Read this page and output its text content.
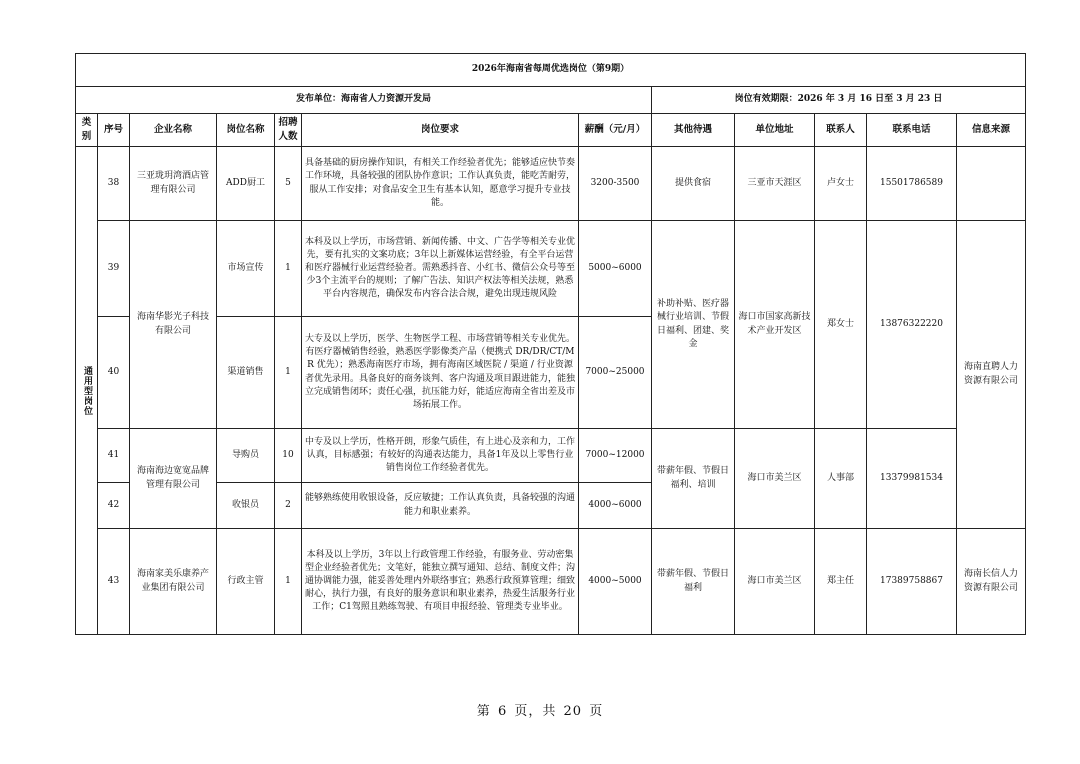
2026年海南省每周优选岗位（第9期）											
发布单位：海南省人力资源开发局							岗位有效期限：2026 年 3 月 16 日至 3 月 23 日				
类别	序号	企业名称	岗位名称	招聘人数	岗位要求	薪酬（元/月）	其他待遇	单位地址	联系人	联系电话	信息来源
通用型岗位	38	三亚珑玥湾酒店管理有限公司	ADD厨工	5	具备基础的厨房操作知识，有相关工作经验者优先；能够适应快节奏工作环境，具备较强的团队协作意识；工作认真负责，能吃苦耐劳，服从工作安排；对食品安全卫生有基本认知，愿意学习提升专业技能。	3200-3500	提供食宿	三亚市天涯区	卢女士	15501786589	
	39	海南华影光子科技有限公司	市场宣传	1	本科及以上学历，市场营销、新闻传播、中文、广告学等相关专业优先，要有扎实的文案功底；3年以上新媒体运营经验，有全平台运营和医疗器械行业运营经验者。需熟悉抖音、小红书、微信公众号等至少3个主流平台的规则；了解广告法、知识产权法等相关法规，熟悉平台内容规范，确保发布内容合法合规，避免出现违规风险	5000~6000	补助补贴、医疗器械行业培训、节假日福利、团建、奖金	海口市国家高新技术产业开发区	郑女士	13876322220	海南直聘人力资源有限公司
	40		渠道销售	1	大专及以上学历，医学、生物医学工程、市场营销等相关专业优先。有医疗器械销售经验，熟悉医学影像类产品（便携式 DR/DR/CT/MR 优先）；熟悉海南医疗市场，拥有海南区域医院 / 渠道 / 行业资源者优先录用。具备良好的商务谈判、客户沟通及项目跟进能力，能独立完成销售闭环；责任心强，抗压能力好，能适应海南全省出差及市场拓展工作。	7000~25000					
	41	海南海边宽宽品牌管理有限公司	导购员	10	中专及以上学历，性格开朗，形象气质佳，有上进心及亲和力，工作认真，目标感强；有较好的沟通表达能力，具备1年及以上零售行业销售岗位工作经验者优先。	7000~12000	带薪年假、节假日福利、培训	海口市美兰区	人事部	13379981534	
	42		收银员	2	能够熟练使用收银设备，反应敏捷；工作认真负责，具备较强的沟通能力和职业素养。	4000~6000					
	43	海南家美乐康养产业集团有限公司	行政主管	1	本科及以上学历，3年以上行政管理工作经验，有服务业、劳动密集型企业经验者优先；文笔好，能独立撰写通知、总结、制度文件；沟通协调能力强，能妥善处理内外联络事宜；熟悉行政预算管理；细致耐心，执行力强，有良好的服务意识和职业素养，热爱生活服务行业工作；C1驾照且熟练驾驶、有项目申报经验、管理类专业毕业。	4000~5000	带薪年假、节假日福利	海口市美兰区	郑主任	17389758867	海南长信人力资源有限公司
第 6 页，共 20 页
